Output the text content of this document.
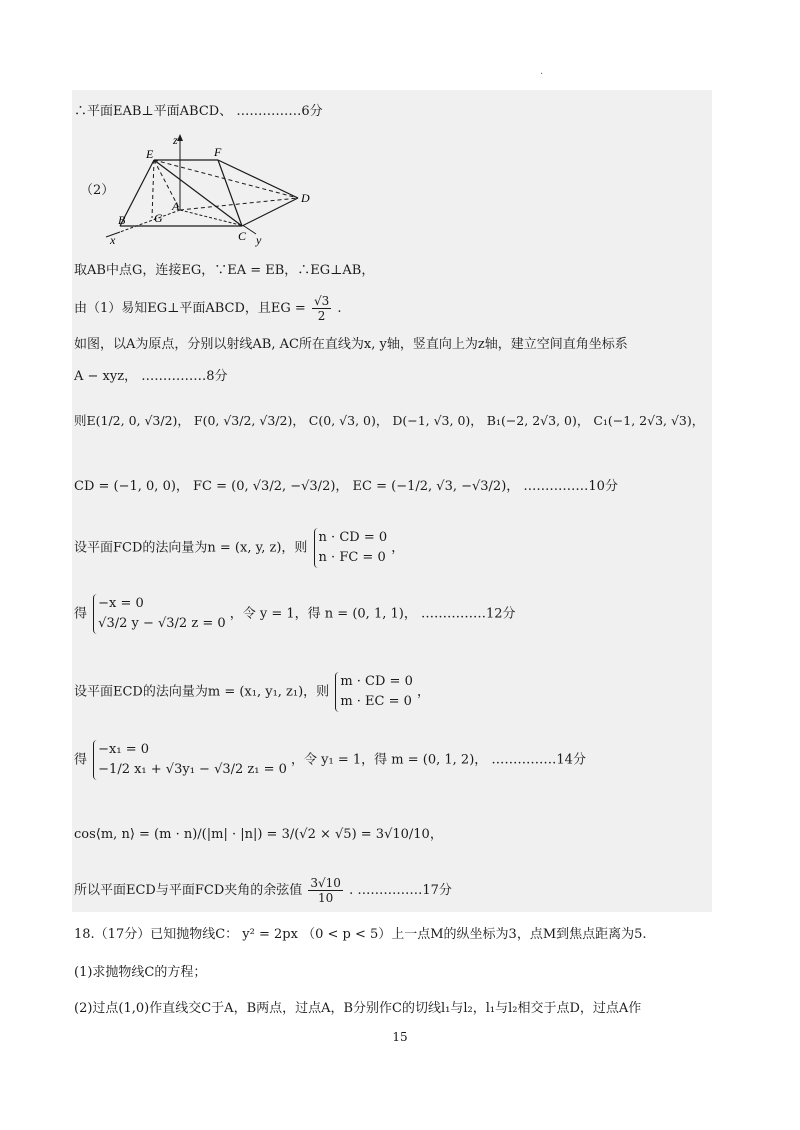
.
∴平面EAB⊥平面ABCD、 ……………6分
（2）
z
E	F
A
D
B G
C
x	y
取AB中点G，连接EG，∵EA = EB，∴EG⊥AB，
由（1）易知EG⊥平面ABCD，且EG = $\frac{√3}{2}$ .
如图，以A为原点，分别以射线AB, AC所在直线为x, y轴，竖直向上为z轴，建立空间直角坐标系
A − xyz， ……………8分
则E(1/2, 0, √3/2)， F(0, √3/2, √3/2)， C(0, √3, 0)， D(−1, √3, 0)， B₁(−2, 2√3, 0)， C₁(−1, 2√3, √3)，
CD = (−1, 0, 0)， FC = (0, √3/2, −√3/2)， EC = (−1/2, √3, −√3/2)， ……………10分
设平面FCD的法向量为n = (x, y, z)，则
n · CD = 0
n · FC = 0
，
得
−x = 0
√3/2 y − √3/2 z = 0
，令 y = 1，得 n = (0, 1, 1)， ……………12分
设平面ECD的法向量为m = (x₁, y₁, z₁)，则
m · CD = 0
m · EC = 0
，
得
−x₁ = 0
−1/2 x₁ + √3y₁ − √3/2 z₁ = 0
，令 y₁ = 1，得 m = (0, 1, 2)， ……………14分
cos⟨m, n⟩ = (m · n)/(|m| · |n|) = 3/(√2 × √5) = 3√10/10，
所以平面ECD与平面FCD夹角的余弦值 $\frac{3√10}{10}$ . ……………17分
18.（17分）已知抛物线C： y² = 2px （0 < p < 5）上一点M的纵坐标为3，点M到焦点距离为5.
(1)求抛物线C的方程；
(2)过点(1,0)作直线交C于A，B两点，过点A，B分别作C的切线l₁与l₂，l₁与l₂相交于点D，过点A作
15
